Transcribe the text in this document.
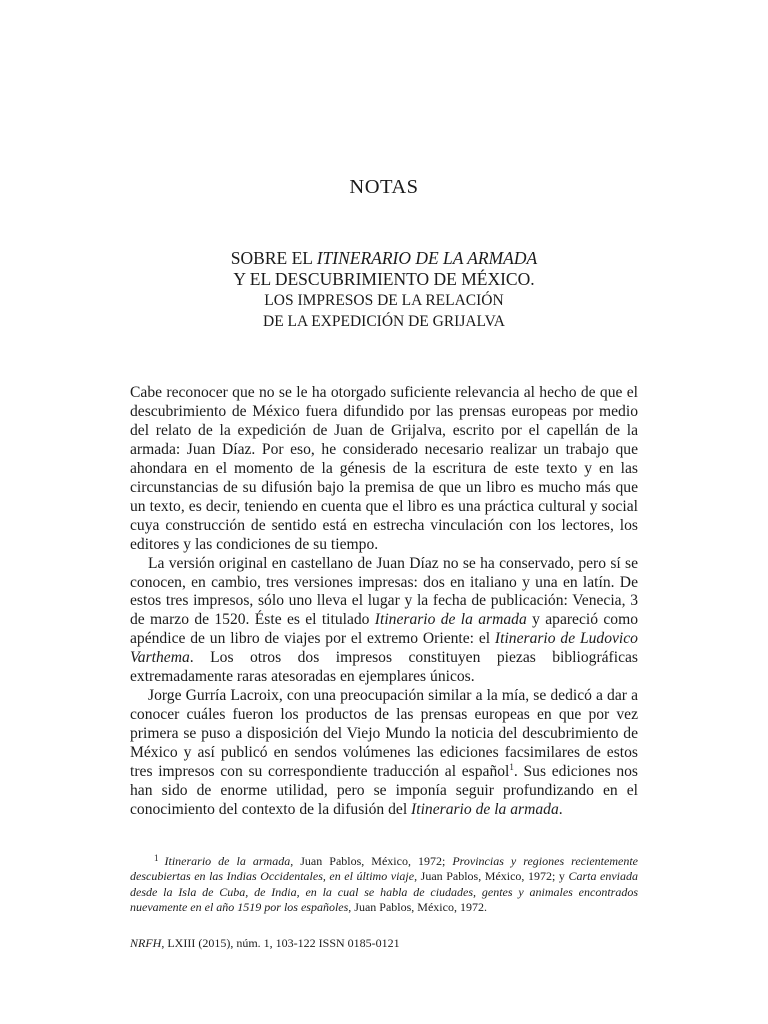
NOTAS
SOBRE EL ITINERARIO DE LA ARMADA
Y EL DESCUBRIMIENTO DE MÉXICO.
LOS IMPRESOS DE LA RELACIÓN
DE LA EXPEDICIÓN DE GRIJALVA

Cabe reconocer que no se le ha otorgado suficiente relevancia al hecho de que el descubrimiento de México fuera difundido por las prensas europeas por medio del relato de la expedición de Juan de Grijalva, escrito por el capellán de la armada: Juan Díaz. Por eso, he considerado necesario realizar un trabajo que ahondara en el momento de la génesis de la escritura de este texto y en las circunstancias de su difusión bajo la premisa de que un libro es mucho más que un texto, es decir, teniendo en cuenta que el libro es una práctica cultural y social cuya construcción de sentido está en estrecha vinculación con los lectores, los editores y las condiciones de su tiempo.

La versión original en castellano de Juan Díaz no se ha conservado, pero sí se conocen, en cambio, tres versiones impresas: dos en italiano y una en latín. De estos tres impresos, sólo uno lleva el lugar y la fecha de publicación: Venecia, 3 de marzo de 1520. Éste es el titulado Itinerario de la armada y apareció como apéndice de un libro de viajes por el extremo Oriente: el Itinerario de Ludovico Varthema. Los otros dos impresos constituyen piezas bibliográficas extremadamente raras atesoradas en ejemplares únicos.

Jorge Gurría Lacroix, con una preocupación similar a la mía, se dedicó a dar a conocer cuáles fueron los productos de las prensas europeas en que por vez primera se puso a disposición del Viejo Mundo la noticia del descubrimiento de México y así publicó en sendos volúmenes las ediciones facsimilares de estos tres impresos con su correspondiente traducción al español$^1$. Sus ediciones nos han sido de enorme utilidad, pero se imponía seguir profundizando en el conocimiento del contexto de la difusión del Itinerario de la armada.

$^1$ Itinerario de la armada, Juan Pablos, México, 1972; Provincias y regiones recientemente descubiertas en las Indias Occidentales, en el último viaje, Juan Pablos, México, 1972; y Carta enviada desde la Isla de Cuba, de India, en la cual se habla de ciudades, gentes y animales encontrados nuevamente en el año 1519 por los españoles, Juan Pablos, México, 1972.
NRFH, LXIII (2015), núm. 1, 103-122 ISSN 0185-0121
